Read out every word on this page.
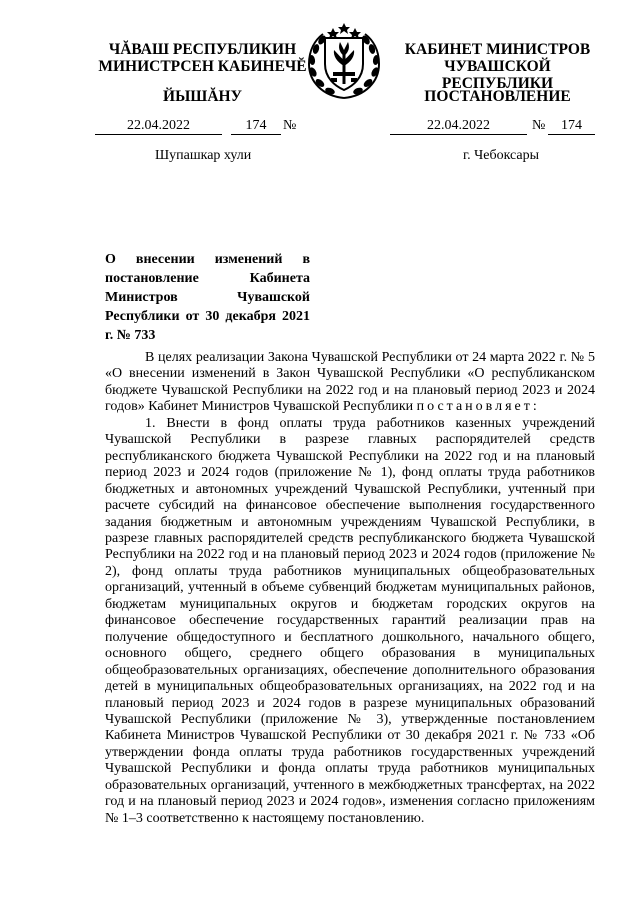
ЧĂВАШ РЕСПУБЛИКИН
МИНИСТРСЕН КАБИНЕЧĔ
ЙЫШĂНУ
КАБИНЕТ МИНИСТРОВ
ЧУВАШСКОЙ РЕСПУБЛИКИ
ПОСТАНОВЛЕНИЕ
22.04.2022	174	№	22.04.2022	№	174
Шупашкар хули	г. Чебоксары
О внесении изменений в постановление Кабинета Министров Чувашской Республики от 30 декабря 2021 г. № 733

В целях реализации Закона Чувашской Республики от 24 марта 2022 г. № 5 «О внесении изменений в Закон Чувашской Республики «О республиканском бюджете Чувашской Республики на 2022 год и на плановый период 2023 и 2024 годов» Кабинет Министров Чувашской Республики постановляет:

1. Внести в фонд оплаты труда работников казенных учреждений Чувашской Республики в разрезе главных распорядителей средств республиканского бюджета Чувашской Республики на 2022 год и на плановый период 2023 и 2024 годов (приложение № 1), фонд оплаты труда работников бюджетных и автономных учреждений Чувашской Республики, учтенный при расчете субсидий на финансовое обеспечение выполнения государственного задания бюджетным и автономным учреждениям Чувашской Республики, в разрезе главных распорядителей средств республиканского бюджета Чувашской Республики на 2022 год и на плановый период 2023 и 2024 годов (приложение № 2), фонд оплаты труда работников муниципальных общеобразовательных организаций, учтенный в объеме субвенций бюджетам муниципальных районов, бюджетам муниципальных округов и бюджетам городских округов на финансовое обеспечение государственных гарантий реализации прав на получение общедоступного и бесплатного дошкольного, начального общего, основного общего, среднего общего образования в муниципальных общеобразовательных организациях, обеспечение дополнительного образования детей в муниципальных общеобразовательных организациях, на 2022 год и на плановый период 2023 и 2024 годов в разрезе муниципальных образований Чувашской Республики (приложение № 3), утвержденные постановлением Кабинета Министров Чувашской Республики от 30 декабря 2021 г. № 733 «Об утверждении фонда оплаты труда работников государственных учреждений Чувашской Республики и фонда оплаты труда работников муниципальных образовательных организаций, учтенного в межбюджетных трансфертах, на 2022 год и на плановый период 2023 и 2024 годов», изменения согласно приложениям № 1–3 соответственно к настоящему постановлению.
